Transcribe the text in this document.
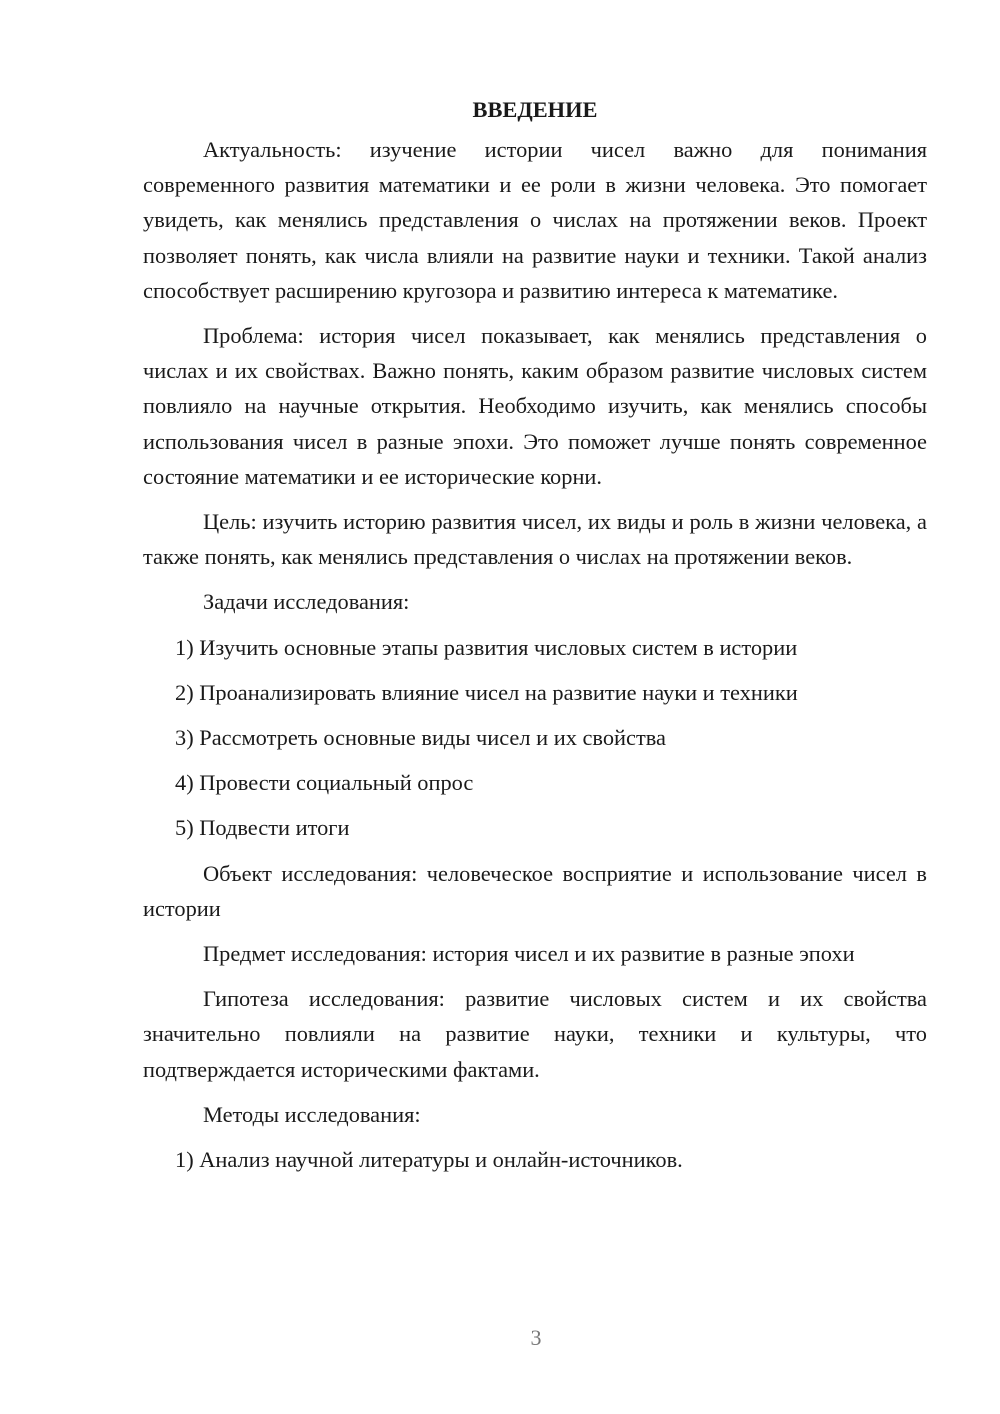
ВВЕДЕНИЕ

Актуальность: изучение истории чисел важно для понимания современного развития математики и ее роли в жизни человека. Это помогает увидеть, как менялись представления о числах на протяжении веков. Проект позволяет понять, как числа влияли на развитие науки и техники. Такой анализ способствует расширению кругозора и развитию интереса к математике.

Проблема: история чисел показывает, как менялись представления о числах и их свойствах. Важно понять, каким образом развитие числовых систем повлияло на научные открытия. Необходимо изучить, как менялись способы использования чисел в разные эпохи. Это поможет лучше понять современное состояние математики и ее исторические корни.

Цель: изучить историю развития чисел, их виды и роль в жизни человека, а также понять, как менялись представления о числах на протяжении веков.

Задачи исследования:

1) Изучить основные этапы развития числовых систем в истории

2) Проанализировать влияние чисел на развитие науки и техники

3) Рассмотреть основные виды чисел и их свойства

4) Провести социальный опрос

5) Подвести итоги

Объект исследования: человеческое восприятие и использование чисел в истории

Предмет исследования: история чисел и их развитие в разные эпохи

Гипотеза исследования: развитие числовых систем и их свойства значительно повлияли на развитие науки, техники и культуры, что подтверждается историческими фактами.

Методы исследования:

1) Анализ научной литературы и онлайн-источников.

3
